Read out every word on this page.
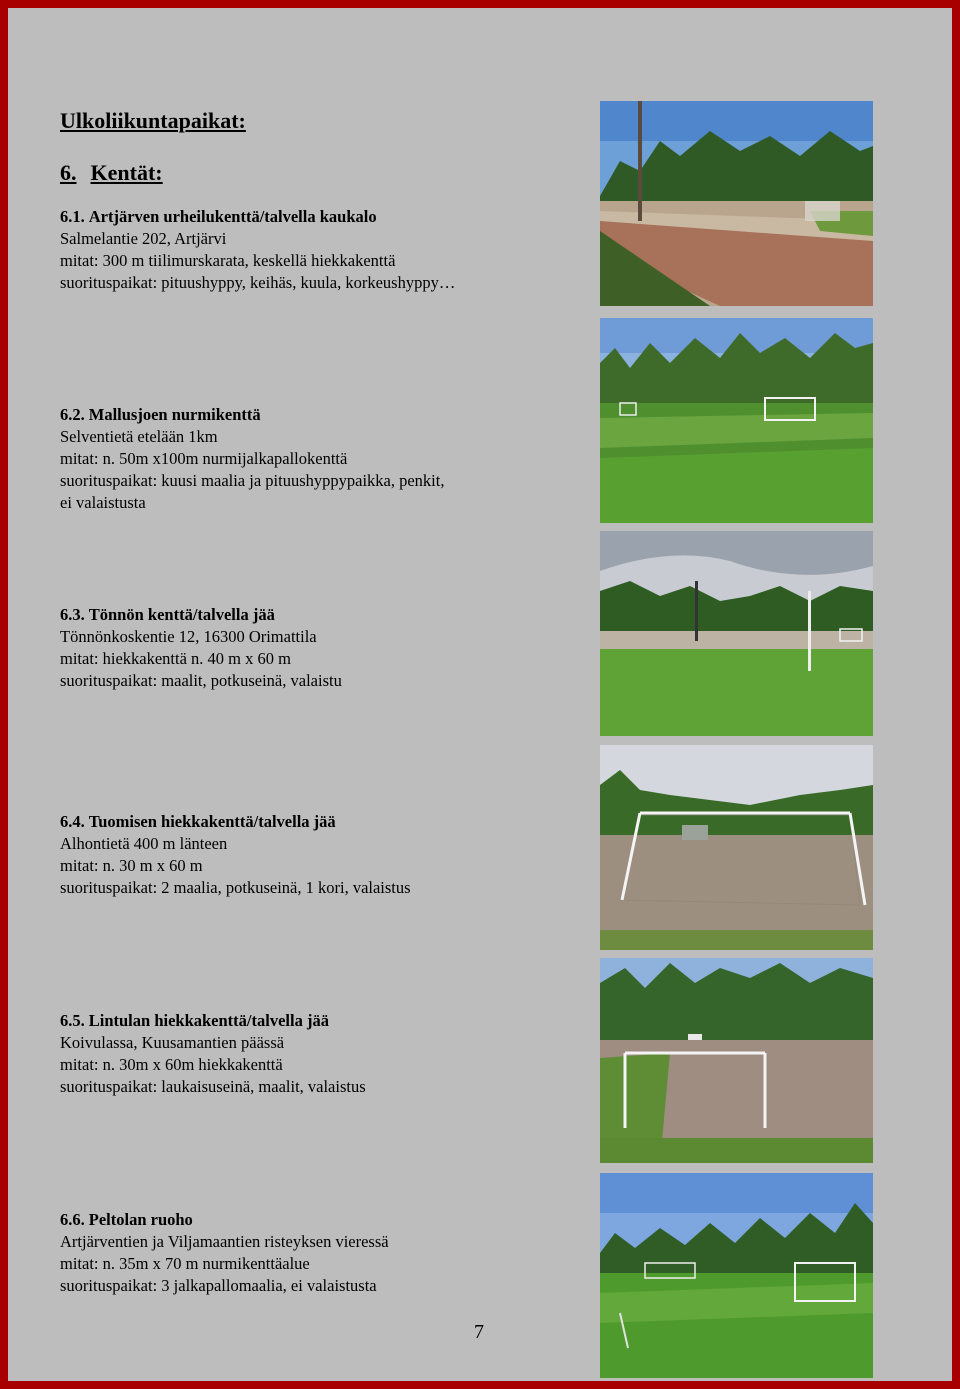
Ulkoliikuntapaikat:
6. Kentät:
6.1. Artjärven urheilukenttä/talvella kaukalo
Salmelantie 202, Artjärvi
mitat: 300 m tiilimurskarata, keskellä hiekkakenttä
suorituspaikat: pituushyppy, keihäs, kuula, korkeushyppy…
6.2. Mallusjoen nurmikenttä
Selventietä etelään 1km
mitat: n. 50m x100m nurmijalkapallokenttä
suorituspaikat: kuusi maalia ja pituushyppypaikka, penkit,
ei valaistusta
6.3. Tönnön kenttä/talvella jää
Tönnönkoskentie 12, 16300 Orimattila
mitat: hiekkakenttä n. 40 m x 60 m
suorituspaikat: maalit, potkuseinä, valaistu
6.4. Tuomisen hiekkakenttä/talvella jää
Alhontietä 400 m länteen
mitat: n. 30 m x 60 m
suorituspaikat: 2 maalia, potkuseinä, 1 kori, valaistus
6.5. Lintulan hiekkakenttä/talvella jää
Koivulassa, Kuusamantien päässä
mitat: n. 30m x 60m hiekkakenttä
suorituspaikat: laukaisuseinä, maalit, valaistus
6.6. Peltolan ruoho
Artjärventien ja Viljamaantien risteyksen vieressä
mitat: n. 35m x 70 m nurmikenttäalue
suorituspaikat: 3 jalkapallomaalia, ei valaistusta
7
